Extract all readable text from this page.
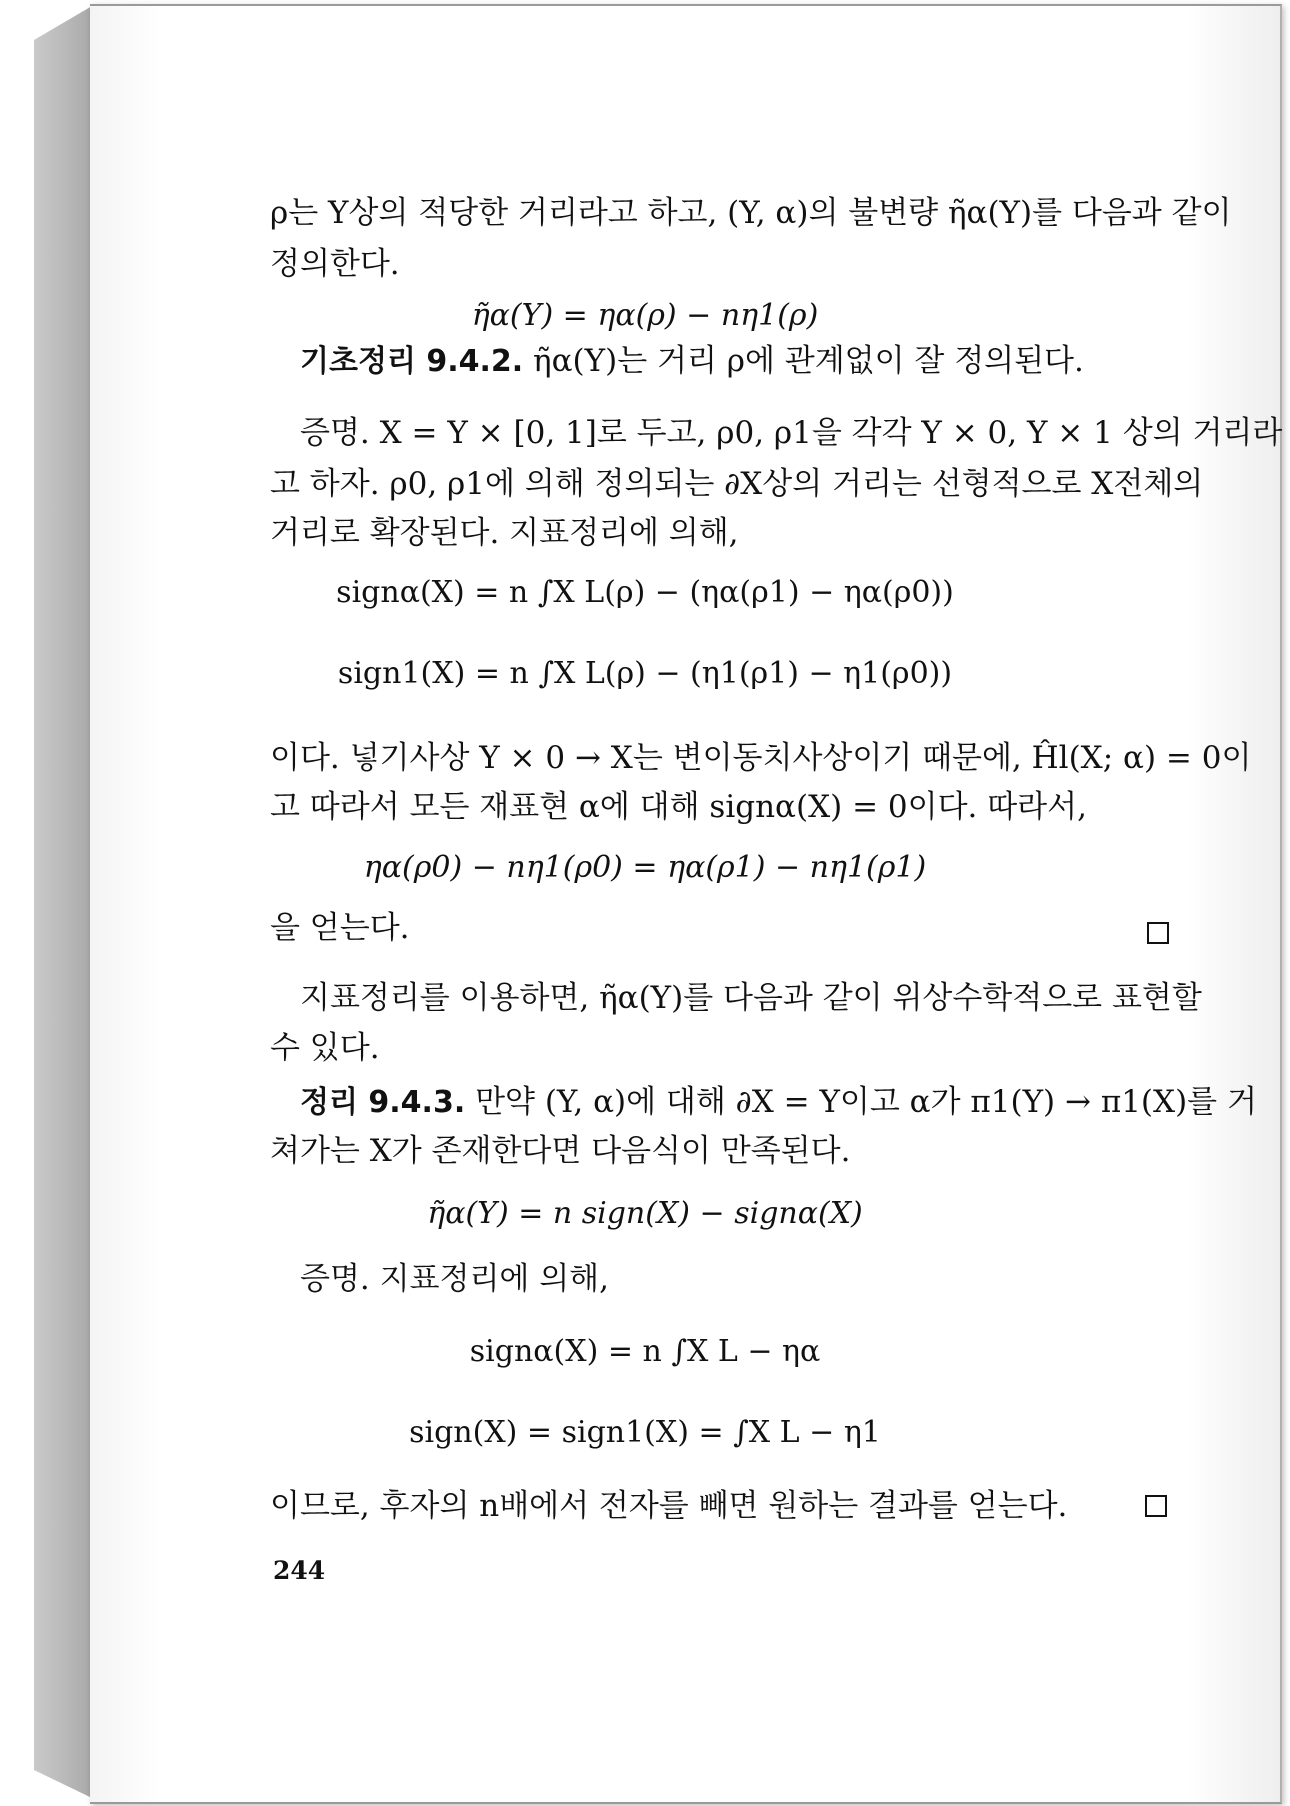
ρ는 Y상의 적당한 거리라고 하고, (Y, α)의 불변량 η̃α(Y)를 다음과 같이
정의한다.
η̃α(Y) = ηα(ρ) − nη1(ρ)
기초정리 9.4.2. η̃α(Y)는 거리 ρ에 관계없이 잘 정의된다.
증명. X = Y × [0, 1]로 두고, ρ0, ρ1을 각각 Y × 0, Y × 1 상의 거리라
고 하자. ρ0, ρ1에 의해 정의되는 ∂X상의 거리는 선형적으로 X전체의
거리로 확장된다. 지표정리에 의해,
signα(X) = n ∫X L(ρ) − (ηα(ρ1) − ηα(ρ0))
sign1(X) = n ∫X L(ρ) − (η1(ρ1) − η1(ρ0))
이다. 넣기사상 Y × 0 → X는 변이동치사상이기 때문에, Ĥl(X; α) = 0이
고 따라서 모든 재표현 α에 대해 signα(X) = 0이다. 따라서,
ηα(ρ0) − nη1(ρ0) = ηα(ρ1) − nη1(ρ1)
을 얻는다.
지표정리를 이용하면, η̃α(Y)를 다음과 같이 위상수학적으로 표현할
수 있다.
정리 9.4.3. 만약 (Y, α)에 대해 ∂X = Y이고 α가 π1(Y) → π1(X)를 거
쳐가는 X가 존재한다면 다음식이 만족된다.
η̃α(Y) = n sign(X) − signα(X)
증명. 지표정리에 의해,
signα(X) = n ∫X L − ηα
sign(X) = sign1(X) = ∫X L − η1
이므로, 후자의 n배에서 전자를 빼면 원하는 결과를 얻는다.
244
